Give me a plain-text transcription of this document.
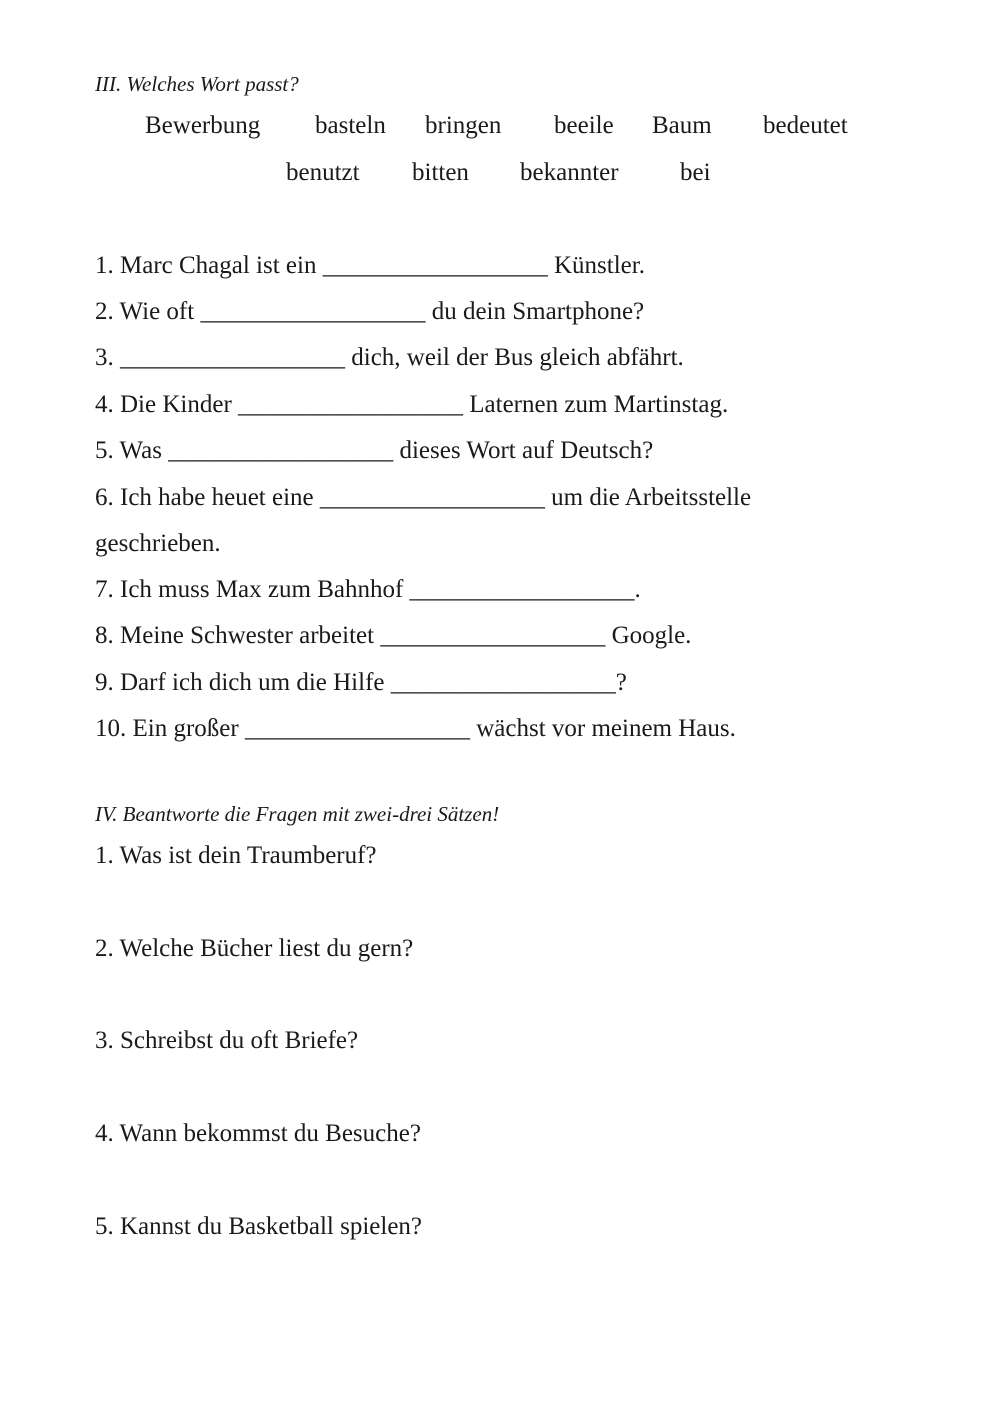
III. Welches Wort passt?
Bewerbung basteln bringen beeile Baum bedeutet
benutzt bitten bekannter bei
1. Marc Chagal ist ein __________________ Künstler.
2. Wie oft __________________ du dein Smartphone?
3. __________________ dich, weil der Bus gleich abfährt.
4. Die Kinder __________________ Laternen zum Martinstag.
5. Was __________________ dieses Wort auf Deutsch?
6. Ich habe heuet eine __________________ um die Arbeitsstelle
geschrieben.
7. Ich muss Max zum Bahnhof __________________.
8. Meine Schwester arbeitet __________________ Google.
9. Darf ich dich um die Hilfe __________________?
10. Ein großer __________________ wächst vor meinem Haus.
IV. Beantworte die Fragen mit zwei-drei Sätzen!
1. Was ist dein Traumberuf?
2. Welche Bücher liest du gern?
3. Schreibst du oft Briefe?
4. Wann bekommst du Besuche?
5. Kannst du Basketball spielen?
